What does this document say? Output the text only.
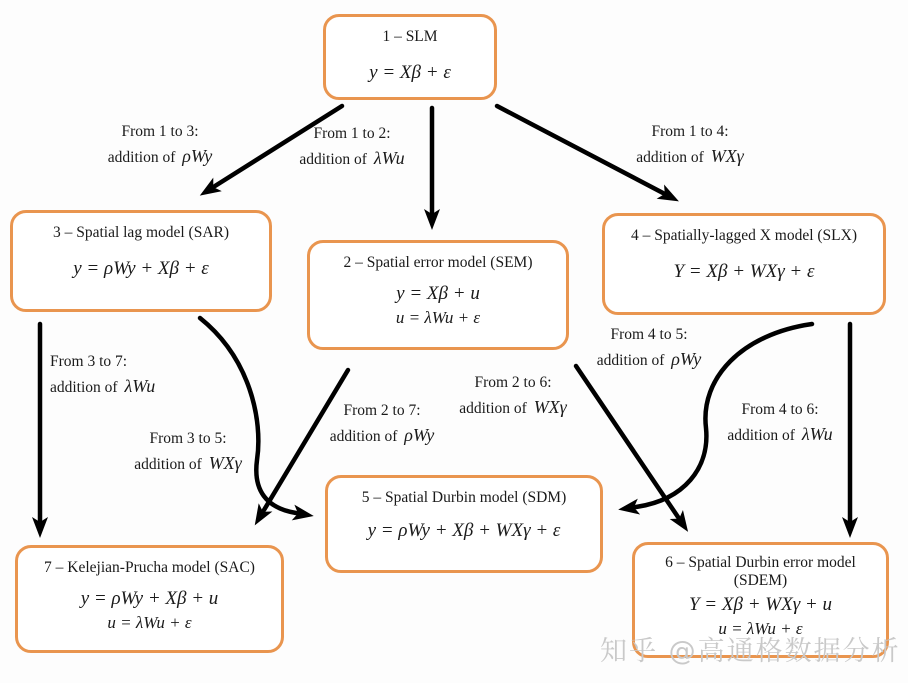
1 – SLM
y = Xβ + ε
3 – Spatial lag model (SAR)
y = ρWy + Xβ + ε	2 – Spatial error model (SEM)
y = Xβ + u
u = λWu + ε
4 – Spatially-lagged X model (SLX)
Y = Xβ + WXγ + ε
5 – Spatial Durbin model (SDM)
y = ρWy + Xβ + WXγ + ε
7 – Kelejian-Prucha model (SAC)
y = ρWy + Xβ + u
u = λWu + ε
6 – Spatial Durbin error model
(SDEM)
Y = Xβ + WXγ + u
u = λWu + ε
From 1 to 3:
addition of ρWy
From 1 to 2:
addition of λWu
From 1 to 4:
addition of WXγ
From 3 to 7:
addition of λWu
From 3 to 5:
addition of WXγ
From 2 to 7:
addition of ρWy
From 2 to 6:
addition of WXγ
From 4 to 5:
addition of ρWy
From 4 to 6:
addition of λWu
知乎 @高通格数据分析
